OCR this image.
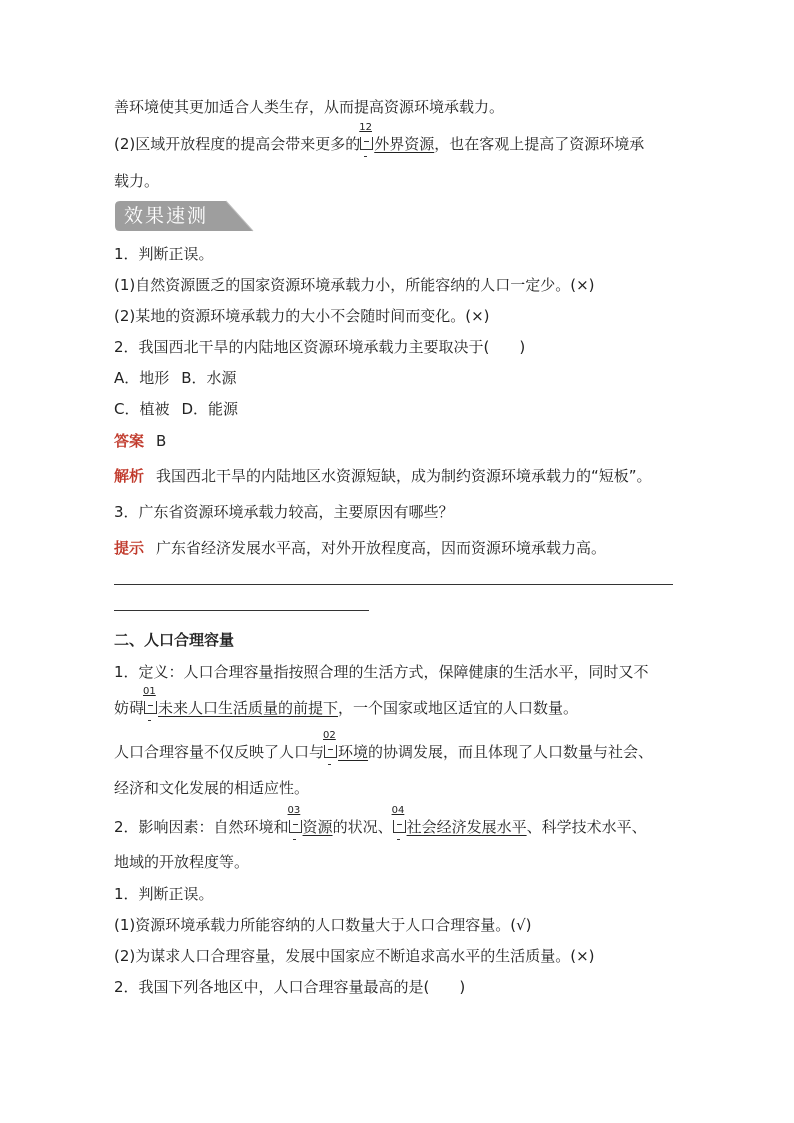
善环境使其更加适合人类生存，从而提高资源环境承载力。
(2)区域开放程度的提高会带来更多的
12
外界资源
，也在客观上提高了资源环境承
载力。
效果速测
1．判断正误。
(1)自然资源匮乏的国家资源环境承载力小，所能容纳的人口一定少。(×)
(2)某地的资源环境承载力的大小不会随时间而变化。(×)
2．我国西北干旱的内陆地区资源环境承载力主要取决于(　　)
A．地形 B．水源
C．植被 D．能源
答案 B
解析 我国西北干旱的内陆地区水资源短缺，成为制约资源环境承载力的“短板”。
3．广东省资源环境承载力较高，主要原因有哪些？
提示 广东省经济发展水平高，对外开放程度高，因而资源环境承载力高。
二、人口合理容量
1．定义：人口合理容量指按照合理的生活方式，保障健康的生活水平，同时又不
妨碍
01
未来人口生活质量的前提下
，一个国家或地区适宜的人口数量。
人口合理容量不仅反映了人口与
02
环境
的协调发展，而且体现了人口数量与社会、
经济和文化发展的相适应性。
2．影响因素：自然环境和
03
资源
的状况、
04
社会经济发展水平
、科学技术水平、
地域的开放程度等。
1．判断正误。
(1)资源环境承载力所能容纳的人口数量大于人口合理容量。(√)
(2)为谋求人口合理容量，发展中国家应不断追求高水平的生活质量。(×)
2．我国下列各地区中，人口合理容量最高的是(　　)
